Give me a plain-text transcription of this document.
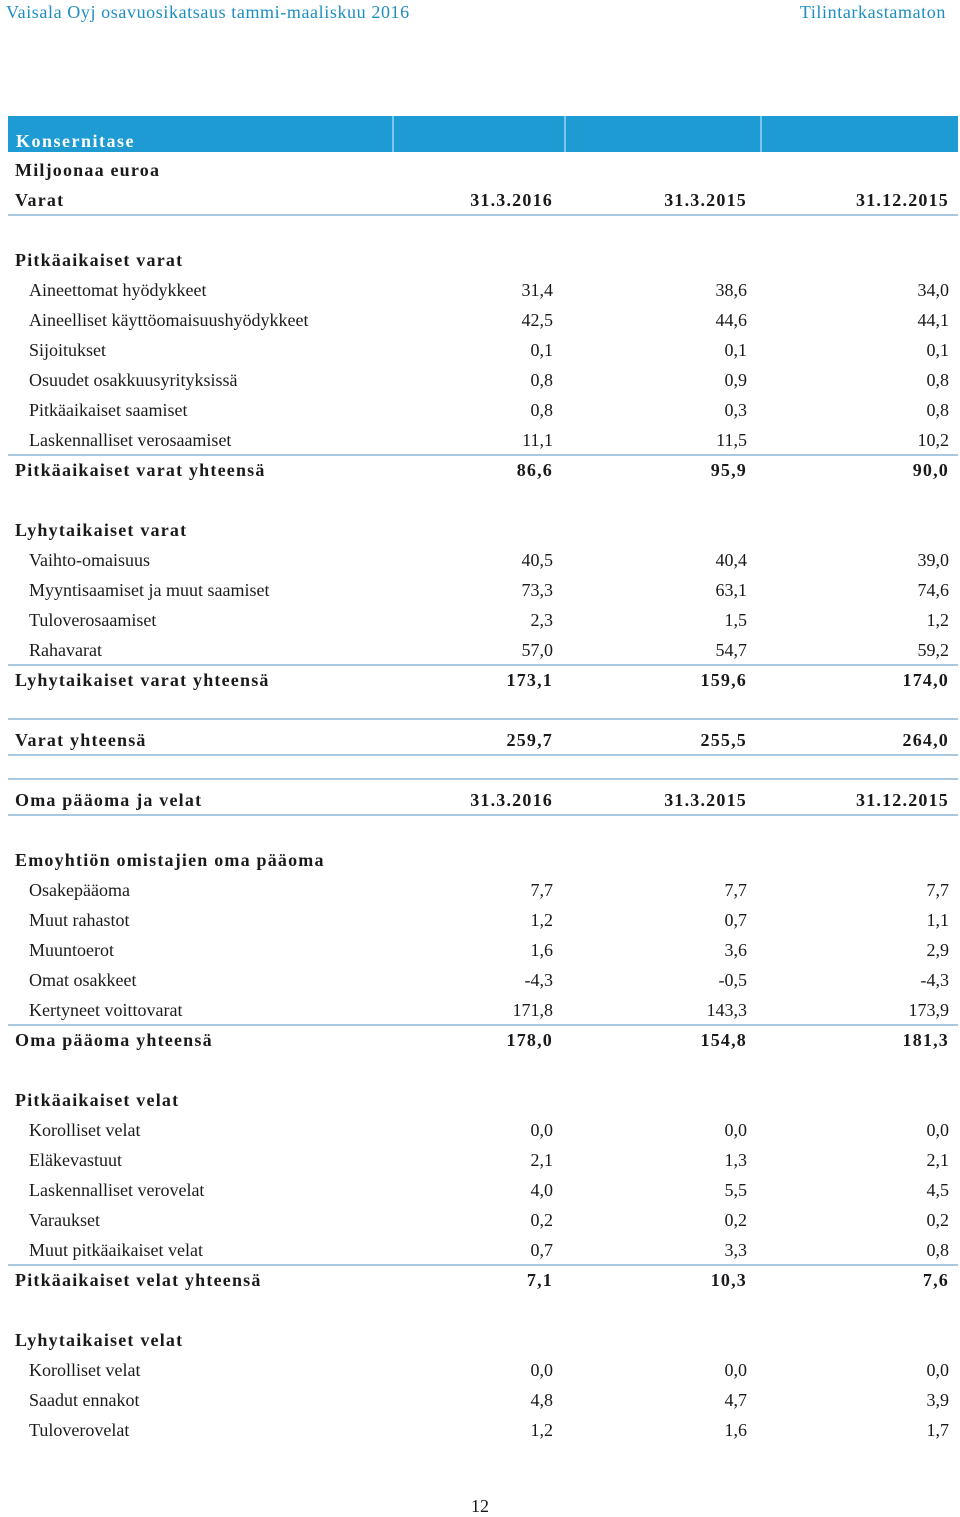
Vaisala Oyj osavuosikatsaus tammi-maaliskuu 2016	Tilintarkastamaton
Konsernitase
Miljoonaa euroa
Varat	31.3.2016	31.3.2015	31.12.2015
Pitkäaikaiset varat
Aineettomat hyödykkeet	31,4	38,6	34,0
Aineelliset käyttöomaisuushyödykkeet	42,5	44,6	44,1
Sijoitukset	0,1	0,1	0,1
Osuudet osakkuusyrityksissä	0,8	0,9	0,8
Pitkäaikaiset saamiset	0,8	0,3	0,8
Laskennalliset verosaamiset	11,1	11,5	10,2
Pitkäaikaiset varat yhteensä	86,6	95,9	90,0
Lyhytaikaiset varat
Vaihto-omaisuus	40,5	40,4	39,0
Myyntisaamiset ja muut saamiset	73,3	63,1	74,6
Tuloverosaamiset	2,3	1,5	1,2
Rahavarat	57,0	54,7	59,2
Lyhytaikaiset varat yhteensä	173,1	159,6	174,0
Varat yhteensä	259,7	255,5	264,0
Oma pääoma ja velat	31.3.2016	31.3.2015	31.12.2015
Emoyhtiön omistajien oma pääoma
Osakepääoma	7,7	7,7	7,7
Muut rahastot	1,2	0,7	1,1
Muuntoerot	1,6	3,6	2,9
Omat osakkeet	-4,3	-0,5	-4,3
Kertyneet voittovarat	171,8	143,3	173,9
Oma pääoma yhteensä	178,0	154,8	181,3
Pitkäaikaiset velat
Korolliset velat	0,0	0,0	0,0
Eläkevastuut	2,1	1,3	2,1
Laskennalliset verovelat	4,0	5,5	4,5
Varaukset	0,2	0,2	0,2
Muut pitkäaikaiset velat	0,7	3,3	0,8
Pitkäaikaiset velat yhteensä	7,1	10,3	7,6
Lyhytaikaiset velat
Korolliset velat	0,0	0,0	0,0
Saadut ennakot	4,8	4,7	3,9
Tuloverovelat	1,2	1,6	1,7
12
